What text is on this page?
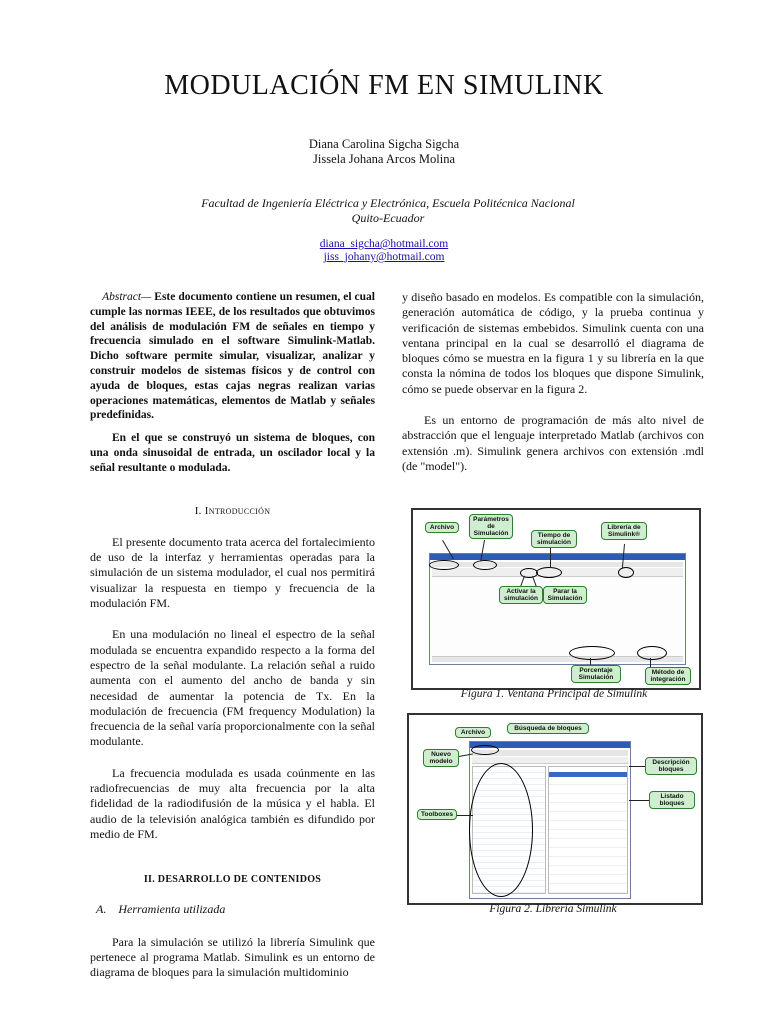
MODULACIÓN FM EN SIMULINK
Diana Carolina Sigcha Sigcha
Jissela Johana Arcos Molina
Facultad de Ingeniería Eléctrica y Electrónica, Escuela Politécnica Nacional
Quito-Ecuador
diana_sigcha@hotmail.com
jiss_johany@hotmail.com

Abstract— Este documento contiene un resumen, el cual cumple las normas IEEE, de los resultados que obtuvimos del análisis de modulación FM de señales en tiempo y frecuencia simulado en el software Simulink-Matlab. Dicho software permite simular, visualizar, analizar y construir modelos de sistemas físicos y de control con ayuda de bloques, estas cajas negras realizan varias operaciones matemáticas, elementos de Matlab y señales predefinidas.

En el que se construyó un sistema de bloques, con una onda sinusoidal de entrada, un oscilador local y la señal resultante o modulada.

I. Introducción

El presente documento trata acerca del fortalecimiento de uso de la interfaz y herramientas operadas para la simulación de un sistema modulador, el cual nos permitirá visualizar la respuesta en tiempo y frecuencia de la modulación FM.

En una modulación no lineal el espectro de la señal modulada se encuentra expandido respecto a la forma del espectro de la señal modulante. La relación señal a ruido aumenta con el aumento del ancho de banda y sin necesidad de aumentar la potencia de Tx. En la modulación de frecuencia (FM frequency Modulation) la frecuencia de la señal varía proporcionalmente con la señal modulante.

La frecuencia modulada es usada coúnmente en las radiofrecuencias de muy alta frecuencia por la alta fidelidad de la radiodifusión de la música y el habla. El audio de la televisión analógica también es difundido por medio de FM.

II. DESARROLLO DE CONTENIDOS
A. Herramienta utilizada

Para la simulación se utilizó la librería Simulink que pertenece al programa Matlab. Simulink es un entorno de diagrama de bloques para la simulación multidominio

y diseño basado en modelos. Es compatible con la simulación, generación automática de código, y la prueba continua y verificación de sistemas embebidos. Simulink cuenta con una ventana principal en la cual se desarrolló el diagrama de bloques cómo se muestra en la figura 1 y su librería en la que consta la nómina de todos los bloques que dispone Simulink, cómo se puede observar en la figura 2.

Es un entorno de programación de más alto nivel de abstracción que el lenguaje interpretado Matlab (archivos con extensión .m). Simulink genera archivos con extensión .mdl (de "model").

Archivo
Parámetros de Simulación	Tiempo de simulación
Librería de Simulink®
Activar la simulación
Parar la Simulación
Porcentaje Simulación
Método de integración
Figura 1. Ventana Principal de Simulink
Archivo
Búsqueda de bloques
Nuevo modelo	Descripción bloques
Listado bloques
Toolboxes
Figura 2. Librería Simulink
